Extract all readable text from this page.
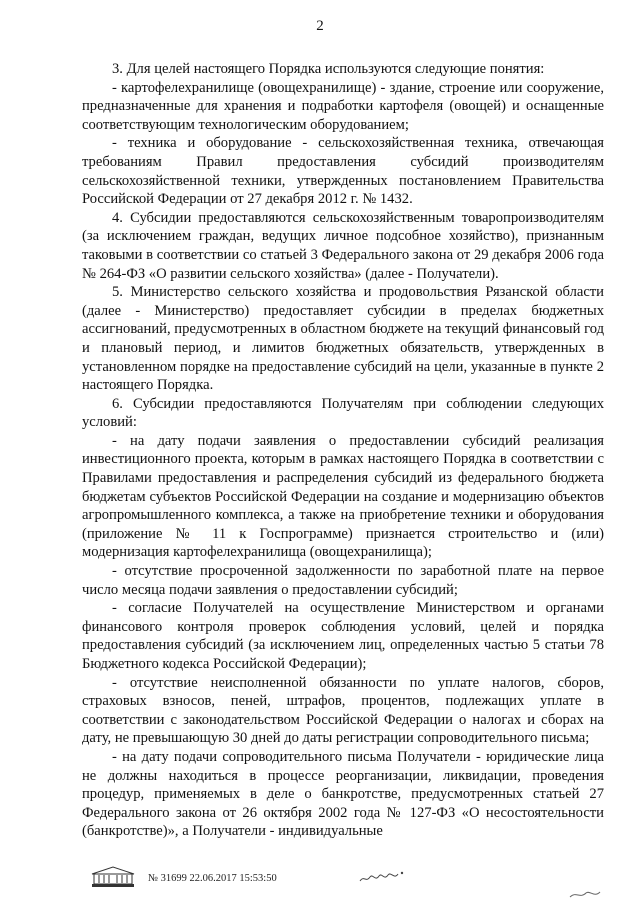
2

3. Для целей настоящего Порядка используются следующие понятия:

- картофелехранилище (овощехранилище) - здание, строение или сооружение, предназначенные для хранения и подработки картофеля (овощей) и оснащенные соответствующим технологическим оборудованием;

- техника и оборудование - сельскохозяйственная техника, отвечающая требованиям Правил предоставления субсидий производителям сельскохозяйственной техники, утвержденных постановлением Правительства Российской Федерации от 27 декабря 2012 г. № 1432.

4. Субсидии предоставляются сельскохозяйственным товаропроизводителям (за исключением граждан, ведущих личное подсобное хозяйство), признанным таковыми в соответствии со статьей 3 Федерального закона от 29 декабря 2006 года № 264-ФЗ «О развитии сельского хозяйства» (далее - Получатели).

5. Министерство сельского хозяйства и продовольствия Рязанской области (далее - Министерство) предоставляет субсидии в пределах бюджетных ассигнований, предусмотренных в областном бюджете на текущий финансовый год и плановый период, и лимитов бюджетных обязательств, утвержденных в установленном порядке на предоставление субсидий на цели, указанные в пункте 2 настоящего Порядка.

6. Субсидии предоставляются Получателям при соблюдении следующих условий:

- на дату подачи заявления о предоставлении субсидий реализация инвестиционного проекта, которым в рамках настоящего Порядка в соответствии с Правилами предоставления и распределения субсидий из федерального бюджета бюджетам субъектов Российской Федерации на создание и модернизацию объектов агропромышленного комплекса, а также на приобретение техники и оборудования (приложение № 11 к Госпрограмме) признается строительство и (или) модернизация картофелехранилища (овощехранилища);

- отсутствие просроченной задолженности по заработной плате на первое число месяца подачи заявления о предоставлении субсидий;

- согласие Получателей на осуществление Министерством и органами финансового контроля проверок соблюдения условий, целей и порядка предоставления субсидий (за исключением лиц, определенных частью 5 статьи 78 Бюджетного кодекса Российской Федерации);

- отсутствие неисполненной обязанности по уплате налогов, сборов, страховых взносов, пеней, штрафов, процентов, подлежащих уплате в соответствии с законодательством Российской Федерации о налогах и сборах на дату, не превышающую 30 дней до даты регистрации сопроводительного письма;

- на дату подачи сопроводительного письма Получатели - юридические лица не должны находиться в процессе реорганизации, ликвидации, проведения процедур, применяемых в деле о банкротстве, предусмотренных статьей 27 Федерального закона от 26 октября 2002 года № 127-ФЗ «О несостоятельности (банкротстве)», а Получатели - индивидуальные

№ 31699 22.06.2017 15:53:50
